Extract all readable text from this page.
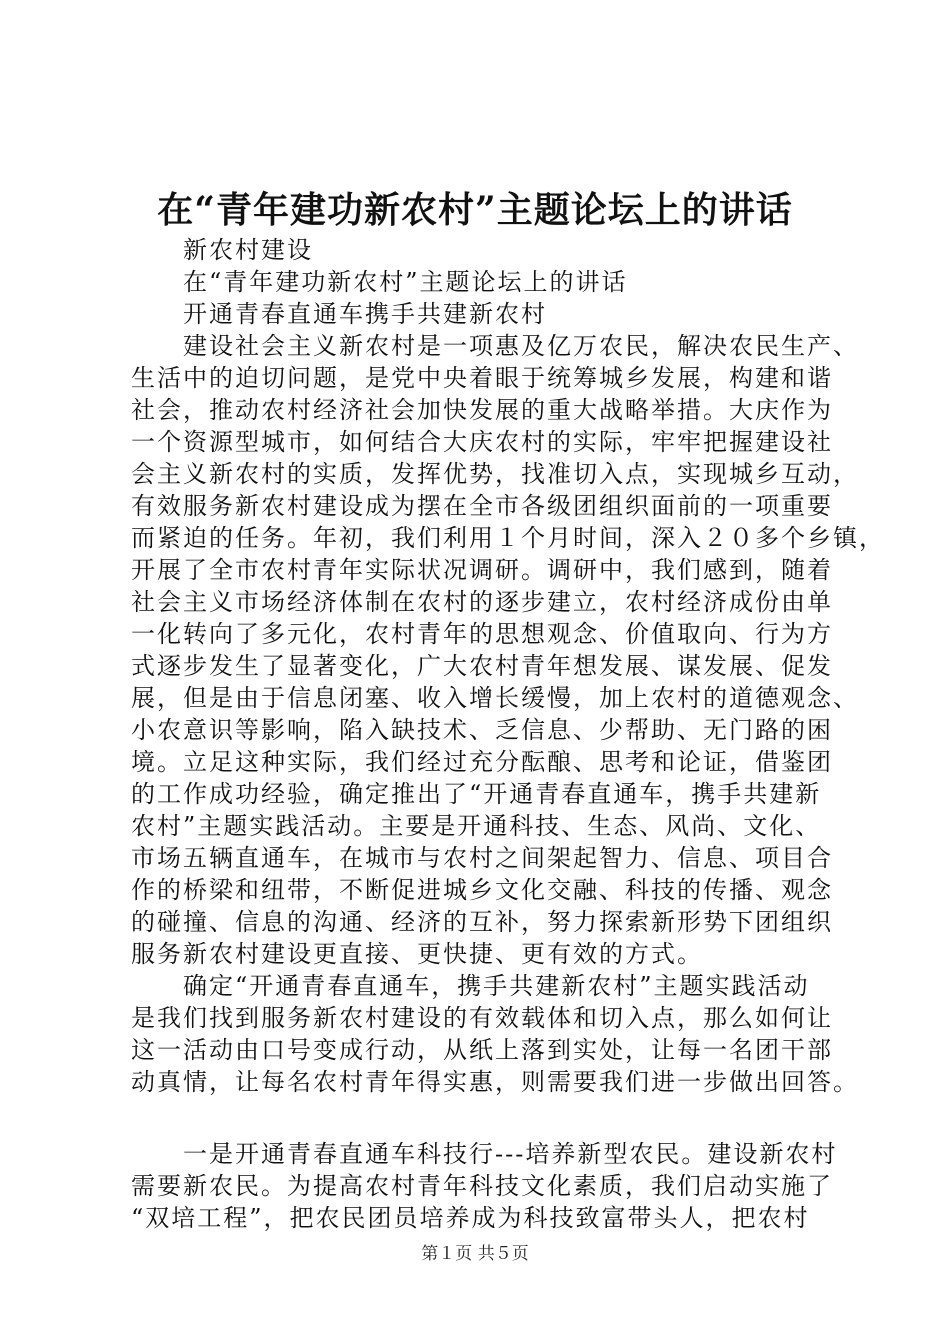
在“青年建功新农村”主题论坛上的讲话
新农村建设
在“青年建功新农村”主题论坛上的讲话
开通青春直通车携手共建新农村
建设社会主义新农村是一项惠及亿万农民，解决农民生产、
生活中的迫切问题，是党中央着眼于统筹城乡发展，构建和谐
社会，推动农村经济社会加快发展的重大战略举措。大庆作为
一个资源型城市，如何结合大庆农村的实际，牢牢把握建设社
会主义新农村的实质，发挥优势，找准切入点，实现城乡互动，
有效服务新农村建设成为摆在全市各级团组织面前的一项重要
而紧迫的任务。年初，我们利用１个月时间，深入２０多个乡镇，
开展了全市农村青年实际状况调研。调研中，我们感到，随着
社会主义市场经济体制在农村的逐步建立，农村经济成份由单
一化转向了多元化，农村青年的思想观念、价值取向、行为方
式逐步发生了显著变化，广大农村青年想发展、谋发展、促发
展，但是由于信息闭塞、收入增长缓慢，加上农村的道德观念、
小农意识等影响，陷入缺技术、乏信息、少帮助、无门路的困
境。立足这种实际，我们经过充分酝酿、思考和论证，借鉴团
的工作成功经验，确定推出了“开通青春直通车，携手共建新
农村”主题实践活动。主要是开通科技、生态、风尚、文化、
市场五辆直通车，在城市与农村之间架起智力、信息、项目合
作的桥梁和纽带，不断促进城乡文化交融、科技的传播、观念
的碰撞、信息的沟通、经济的互补，努力探索新形势下团组织
服务新农村建设更直接、更快捷、更有效的方式。
确定“开通青春直通车，携手共建新农村”主题实践活动
是我们找到服务新农村建设的有效载体和切入点，那么如何让
这一活动由口号变成行动，从纸上落到实处，让每一名团干部
动真情，让每名农村青年得实惠，则需要我们进一步做出回答。
一是开通青春直通车科技行---培养新型农民。建设新农村
需要新农民。为提高农村青年科技文化素质，我们启动实施了
“双培工程”，把农民团员培养成为科技致富带头人，把农村
第１页 共５页
